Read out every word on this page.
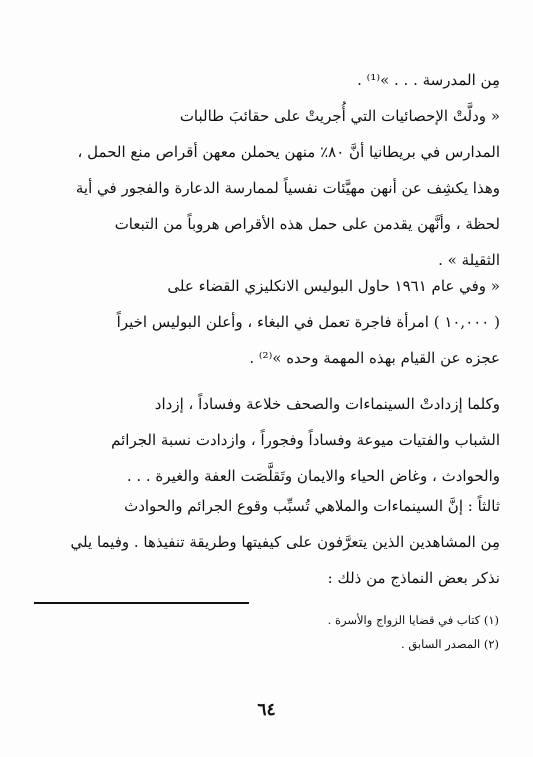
مِن المدرسة . . . »⁽¹⁾ .
« ودلَّتْ الإحصائيات التي أُجريتْ على حقائبَ طالبات
المدارس في بريطانيا أنَّ ٨٠٪ منهن يحملن معهن أقراص منع الحمل ،
وهذا يكشِف عن أنهن مهيَّئات نفسياً لممارسة الدعارة والفجور في أية
لحظة ، وأنَّهن يقدمن على حمل هذه الأقراص هروباً من التبعات
الثقيلة » .
« وفي عام ١٩٦١ حاول البوليس الانكليزي القضاء على
( ١٠,٠٠٠ ) امرأة فاجرة تعمل في البغاء ، وأعلن البوليس اخيراً
عجزه عن القيام بهذه المهمة وحده »⁽²⁾ .
وكلما إزدادتْ السينماءات والصحف خلاعة وفساداً ، إزداد
الشباب والفتيات ميوعة وفساداً وفجوراً ، وازدادت نسبة الجرائم
والحوادث ، وغاض الحياء والايمان وتَقلَّصَت العفة والغيرة . . .
ثالثاً : إنَّ السينماءات والملاهي تُسبِّب وقوع الجرائم والحوادث
مِن المشاهدين الذين يتعرَّفون على كيفيتها وطريقة تنفيذها . وفيما يلي
نذكر بعض النماذج من ذلك :
(١) كتاب في قضايا الزواج والأسرة .
(٢) المصدر السابق .
٦٤
